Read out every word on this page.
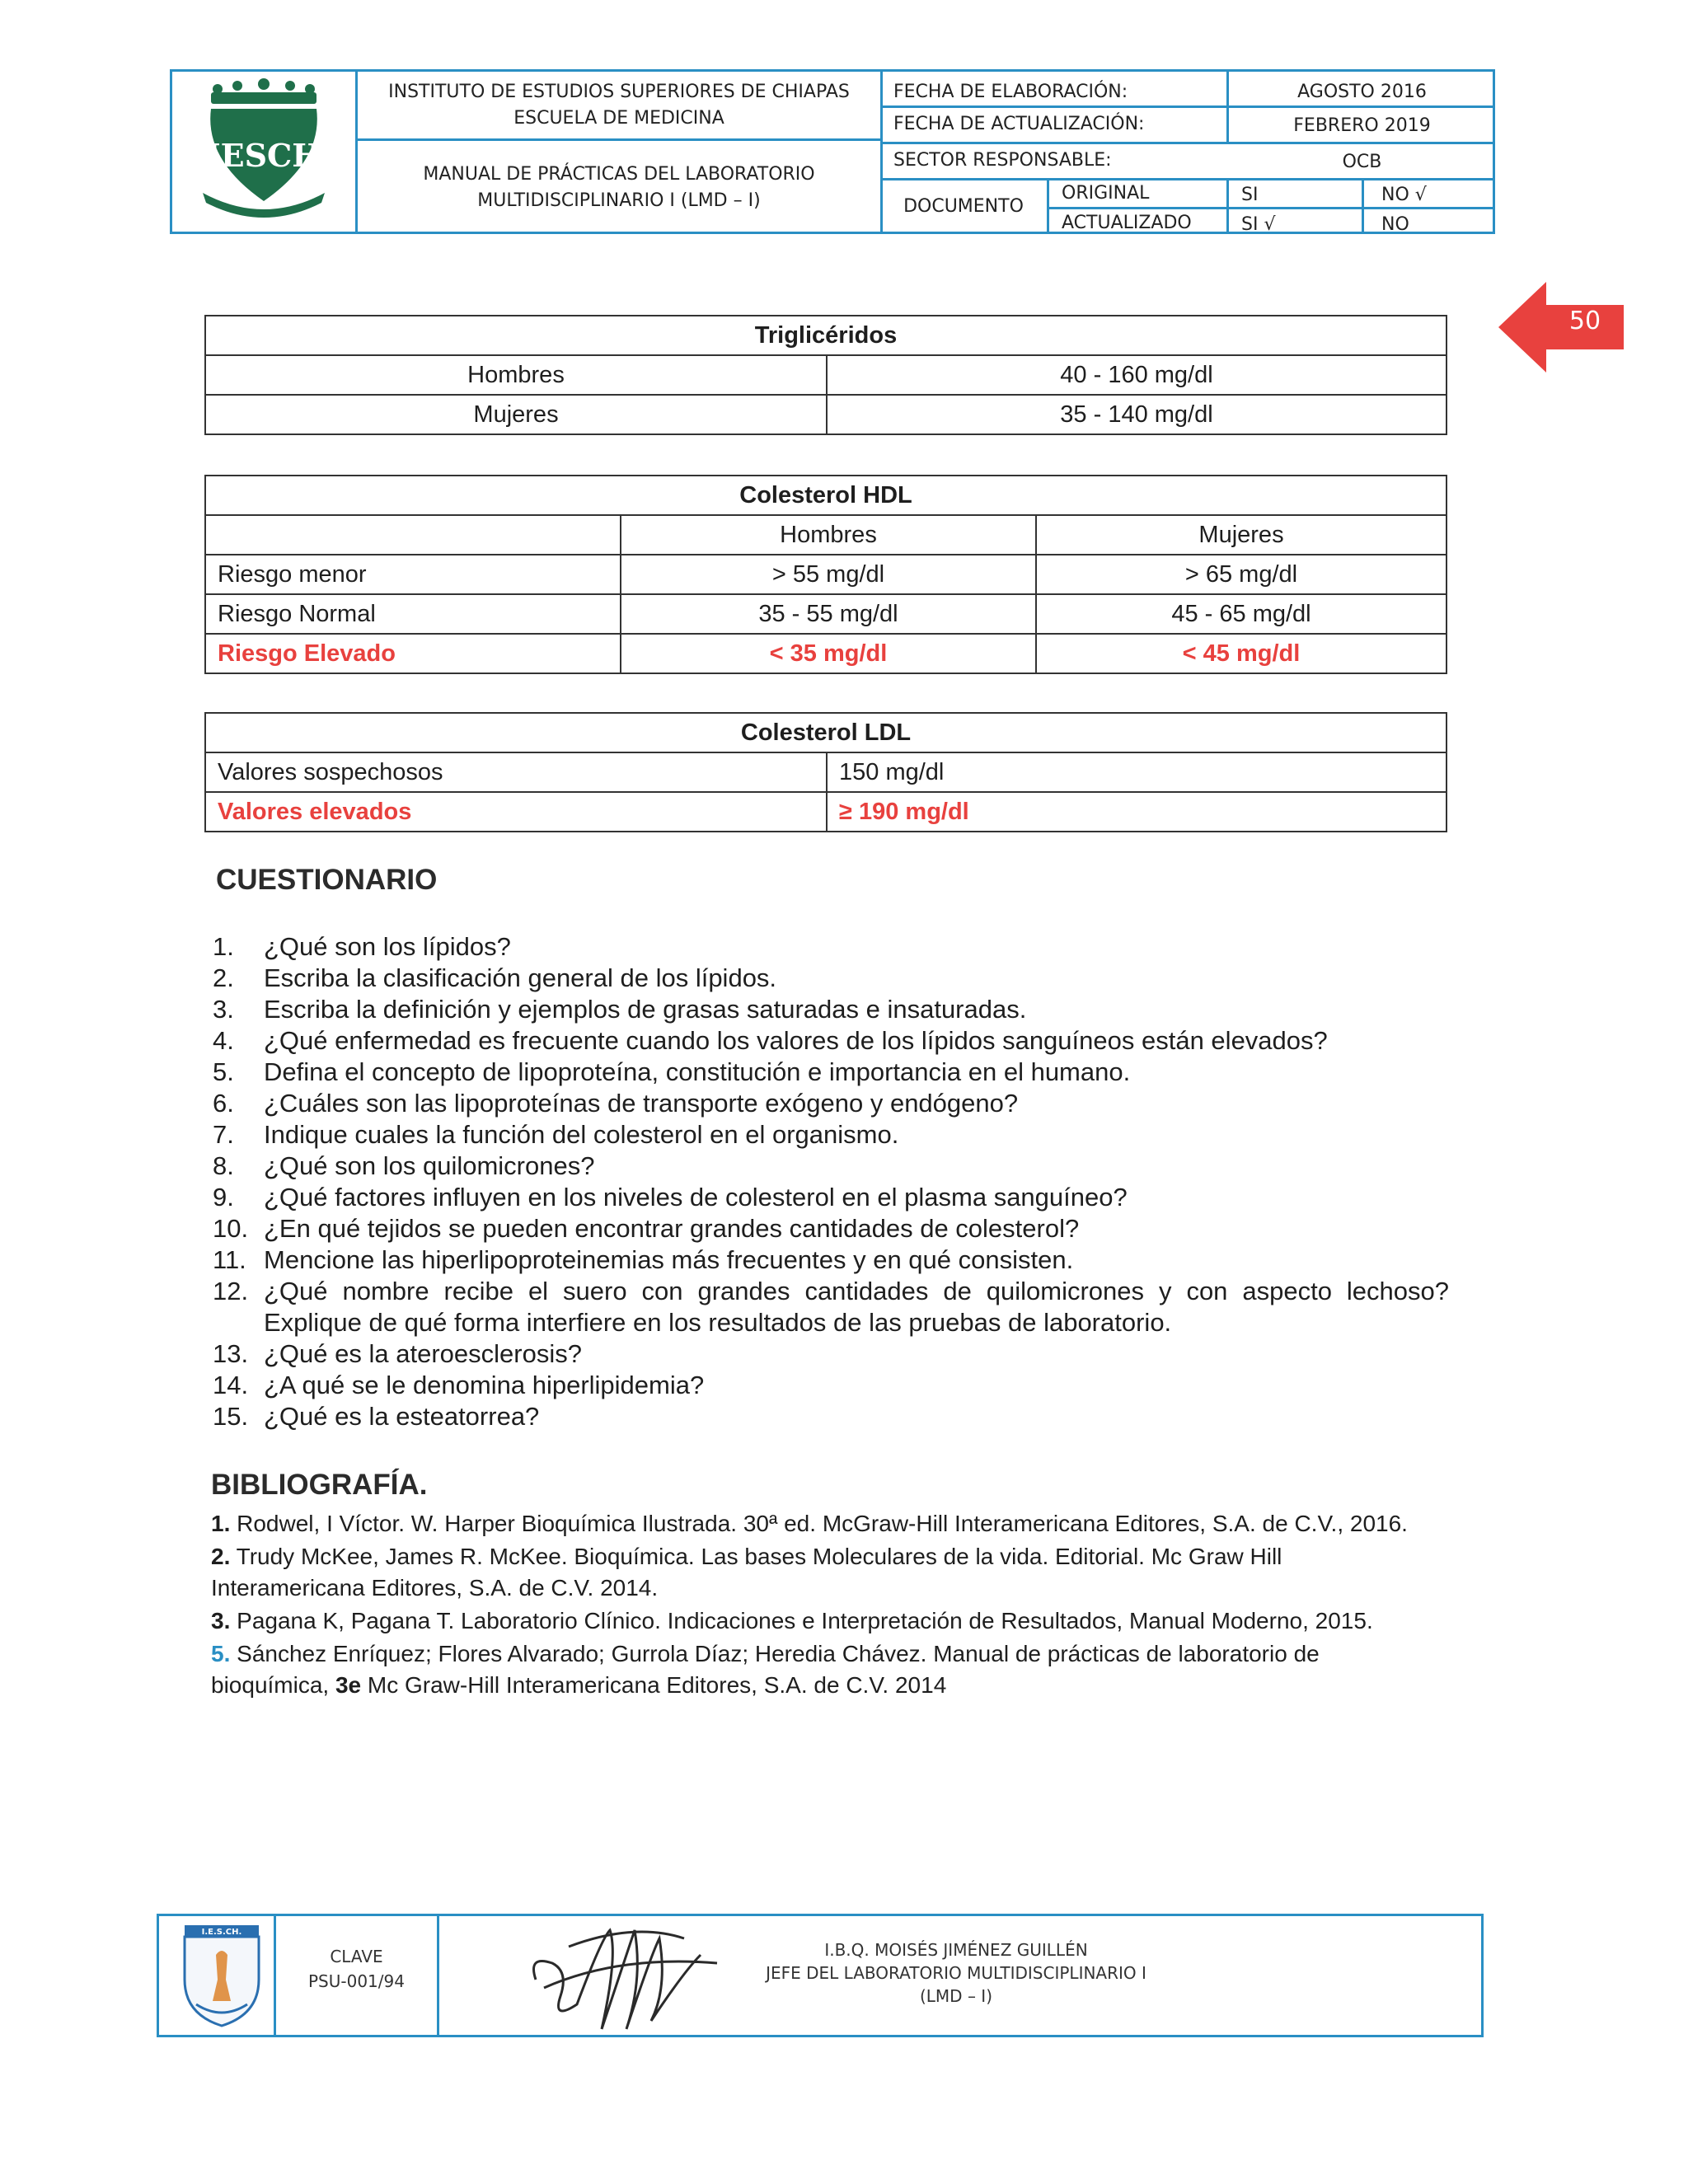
IESCH
INSTITUTO DE ESTUDIOS SUPERIORES DE CHIAPAS
ESCUELA DE MEDICINA
MANUAL DE PRÁCTICAS DEL LABORATORIO
MULTIDISCIPLINARIO I (LMD – I)
FECHA DE ELABORACIÓN:	AGOSTO 2016
FECHA DE ACTUALIZACIÓN:	FEBRERO 2019
SECTOR RESPONSABLE:	OCB
DOCUMENTO
ORIGINAL	SI	NO √
ACTUALIZADO	SI √	NO
50
Triglicéridos	
Hombres	40 - 160 mg/dl
Mujeres	35 - 140 mg/dl
Colesterol HDL		
	Hombres	Mujeres
Riesgo menor	> 55 mg/dl	> 65 mg/dl
Riesgo Normal	35 - 55 mg/dl	45 - 65 mg/dl
Riesgo Elevado	< 35 mg/dl	< 45 mg/dl
Colesterol LDL	
Valores sospechosos	150 mg/dl
Valores elevados	≥ 190 mg/dl
CUESTIONARIO
1.	¿Qué son los lípidos?
2.	Escriba la clasificación general de los lípidos.
3.	Escriba la definición y ejemplos de grasas saturadas e insaturadas.
4.	¿Qué enfermedad es frecuente cuando los valores de los lípidos sanguíneos están elevados?
5.	Defina el concepto de lipoproteína, constitución e importancia en el humano.
6.	¿Cuáles son las lipoproteínas de transporte exógeno y endógeno?
7.	Indique cuales la función del colesterol en el organismo.
8.	¿Qué son los quilomicrones?
9.	¿Qué factores influyen en los niveles de colesterol en el plasma sanguíneo?
10. ¿En qué tejidos se pueden encontrar grandes cantidades de colesterol?
11. Mencione las hiperlipoproteinemias más frecuentes y en qué consisten.
12. ¿Qué nombre recibe el suero con grandes cantidades de quilomicrones y con aspecto lechoso? Explique de qué forma interfiere en los resultados de las pruebas de laboratorio.
13. ¿Qué es la ateroesclerosis?
14. ¿A qué se le denomina hiperlipidemia?
15. ¿Qué es la esteatorrea?
BIBLIOGRAFÍA.

1. Rodwel, I Víctor. W. Harper Bioquímica Ilustrada. 30ª ed. McGraw-Hill Interamericana Editores, S.A. de C.V., 2016.

2. Trudy McKee, James R. McKee. Bioquímica. Las bases Moleculares de la vida. Editorial. Mc Graw Hill Interamericana Editores, S.A. de C.V. 2014.

3. Pagana K, Pagana T. Laboratorio Clínico. Indicaciones e Interpretación de Resultados, Manual Moderno, 2015.

5. Sánchez Enríquez; Flores Alvarado; Gurrola Díaz; Heredia Chávez. Manual de prácticas de laboratorio de bioquímica, 3e Mc Graw-Hill Interamericana Editores, S.A. de C.V. 2014

I.E.S.CH.
CLAVE
PSU-001/94
I.B.Q. MOISÉS JIMÉNEZ GUILLÉN
JEFE DEL LABORATORIO MULTIDISCIPLINARIO I
(LMD – I)
